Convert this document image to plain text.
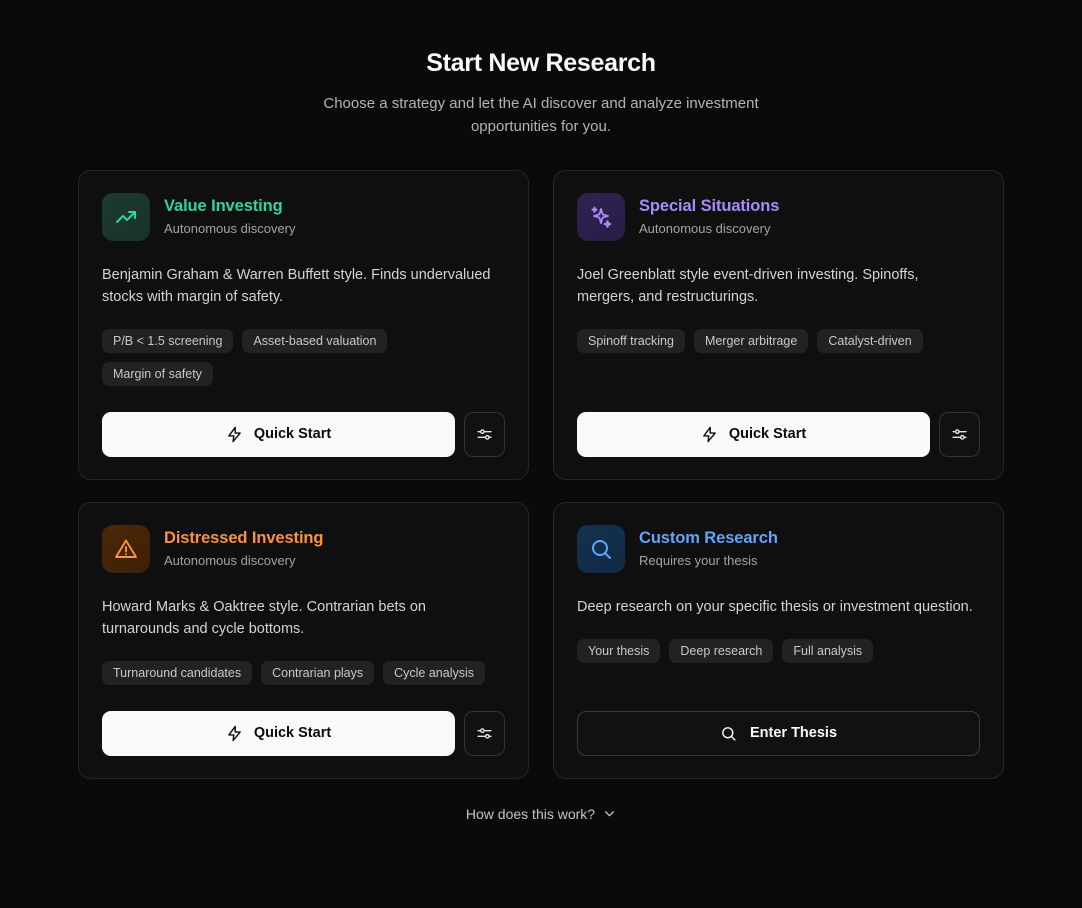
Start New Research
Choose a strategy and let the AI discover and analyze investment opportunities for you.
Value Investing
Autonomous discovery
Benjamin Graham & Warren Buffett style. Finds undervalued stocks with margin of safety.
P/B < 1.5 screening	Asset-based valuation
Margin of safety
Quick Start
Special Situations
Autonomous discovery
Joel Greenblatt style event-driven investing. Spinoffs, mergers, and restructurings.
Spinoff tracking	Merger arbitrage	Catalyst-driven
Quick Start
Distressed Investing
Autonomous discovery
Howard Marks & Oaktree style. Contrarian bets on turnarounds and cycle bottoms.
Turnaround candidates	Contrarian plays	Cycle analysis
Quick Start
Custom Research
Requires your thesis
Deep research on your specific thesis or investment question.
Your thesis	Deep research	Full analysis
Enter Thesis
How does this work?
